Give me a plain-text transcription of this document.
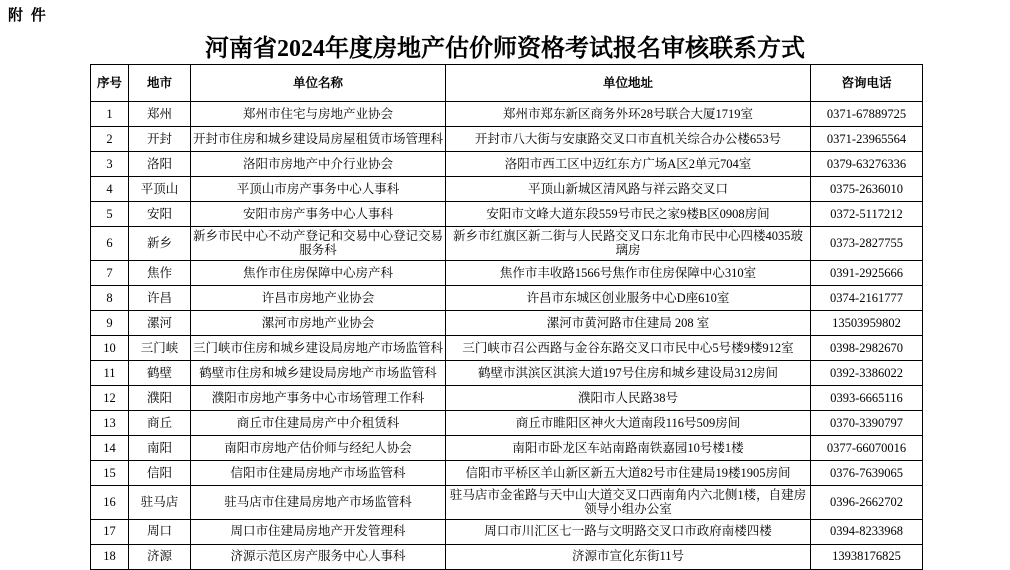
附 件
河南省2024年度房地产估价师资格考试报名审核联系方式
序号	地市	单位名称	单位地址	咨询电话
1	郑州	郑州市住宅与房地产业协会	郑州市郑东新区商务外环28号联合大厦1719室	0371-67889725
2	开封	开封市住房和城乡建设局房屋租赁市场管理科	开封市八大街与安康路交叉口市直机关综合办公楼653号	0371-23965564
3	洛阳	洛阳市房地产中介行业协会	洛阳市西工区中迈红东方广场A区2单元704室	0379-63276336
4	平顶山	平顶山市房产事务中心人事科	平顶山新城区清风路与祥云路交叉口	0375-2636010
5	安阳	安阳市房产事务中心人事科	安阳市文峰大道东段559号市民之家9楼B区0908房间	0372-5117212
6	新乡	新乡市民中心不动产登记和交易中心登记交易服务科	新乡市红旗区新二街与人民路交叉口东北角市民中心四楼4035玻璃房	0373-2827755
7	焦作	焦作市住房保障中心房产科	焦作市丰收路1566号焦作市住房保障中心310室	0391-2925666
8	许昌	许昌市房地产业协会	许昌市东城区创业服务中心D座610室	0374-2161777
9	漯河	漯河市房地产业协会	漯河市黄河路市住建局 208 室	13503959802
10	三门峡	三门峡市住房和城乡建设局房地产市场监管科	三门峡市召公西路与金谷东路交叉口市民中心5号楼9楼912室	0398-2982670
11	鹤壁	鹤壁市住房和城乡建设局房地产市场监管科	鹤壁市淇滨区淇滨大道197号住房和城乡建设局312房间	0392-3386022
12	濮阳	濮阳市房地产事务中心市场管理工作科	濮阳市人民路38号	0393-6665116
13	商丘	商丘市住建局房产中介租赁科	商丘市睢阳区神火大道南段116号509房间	0370-3390797
14	南阳	南阳市房地产估价师与经纪人协会	南阳市卧龙区车站南路南铁嘉园10号楼1楼	0377-66070016
15	信阳	信阳市住建局房地产市场监管科	信阳市平桥区羊山新区新五大道82号市住建局19楼1905房间	0376-7639065
16	驻马店	驻马店市住建局房地产市场监管科	驻马店市金雀路与天中山大道交叉口西南角内六北侧1楼，自建房领导小组办公室	0396-2662702
17	周口	周口市住建局房地产开发管理科	周口市川汇区七一路与文明路交叉口市政府南楼四楼	0394-8233968
18	济源	济源示范区房产服务中心人事科	济源市宣化东街11号	13938176825
